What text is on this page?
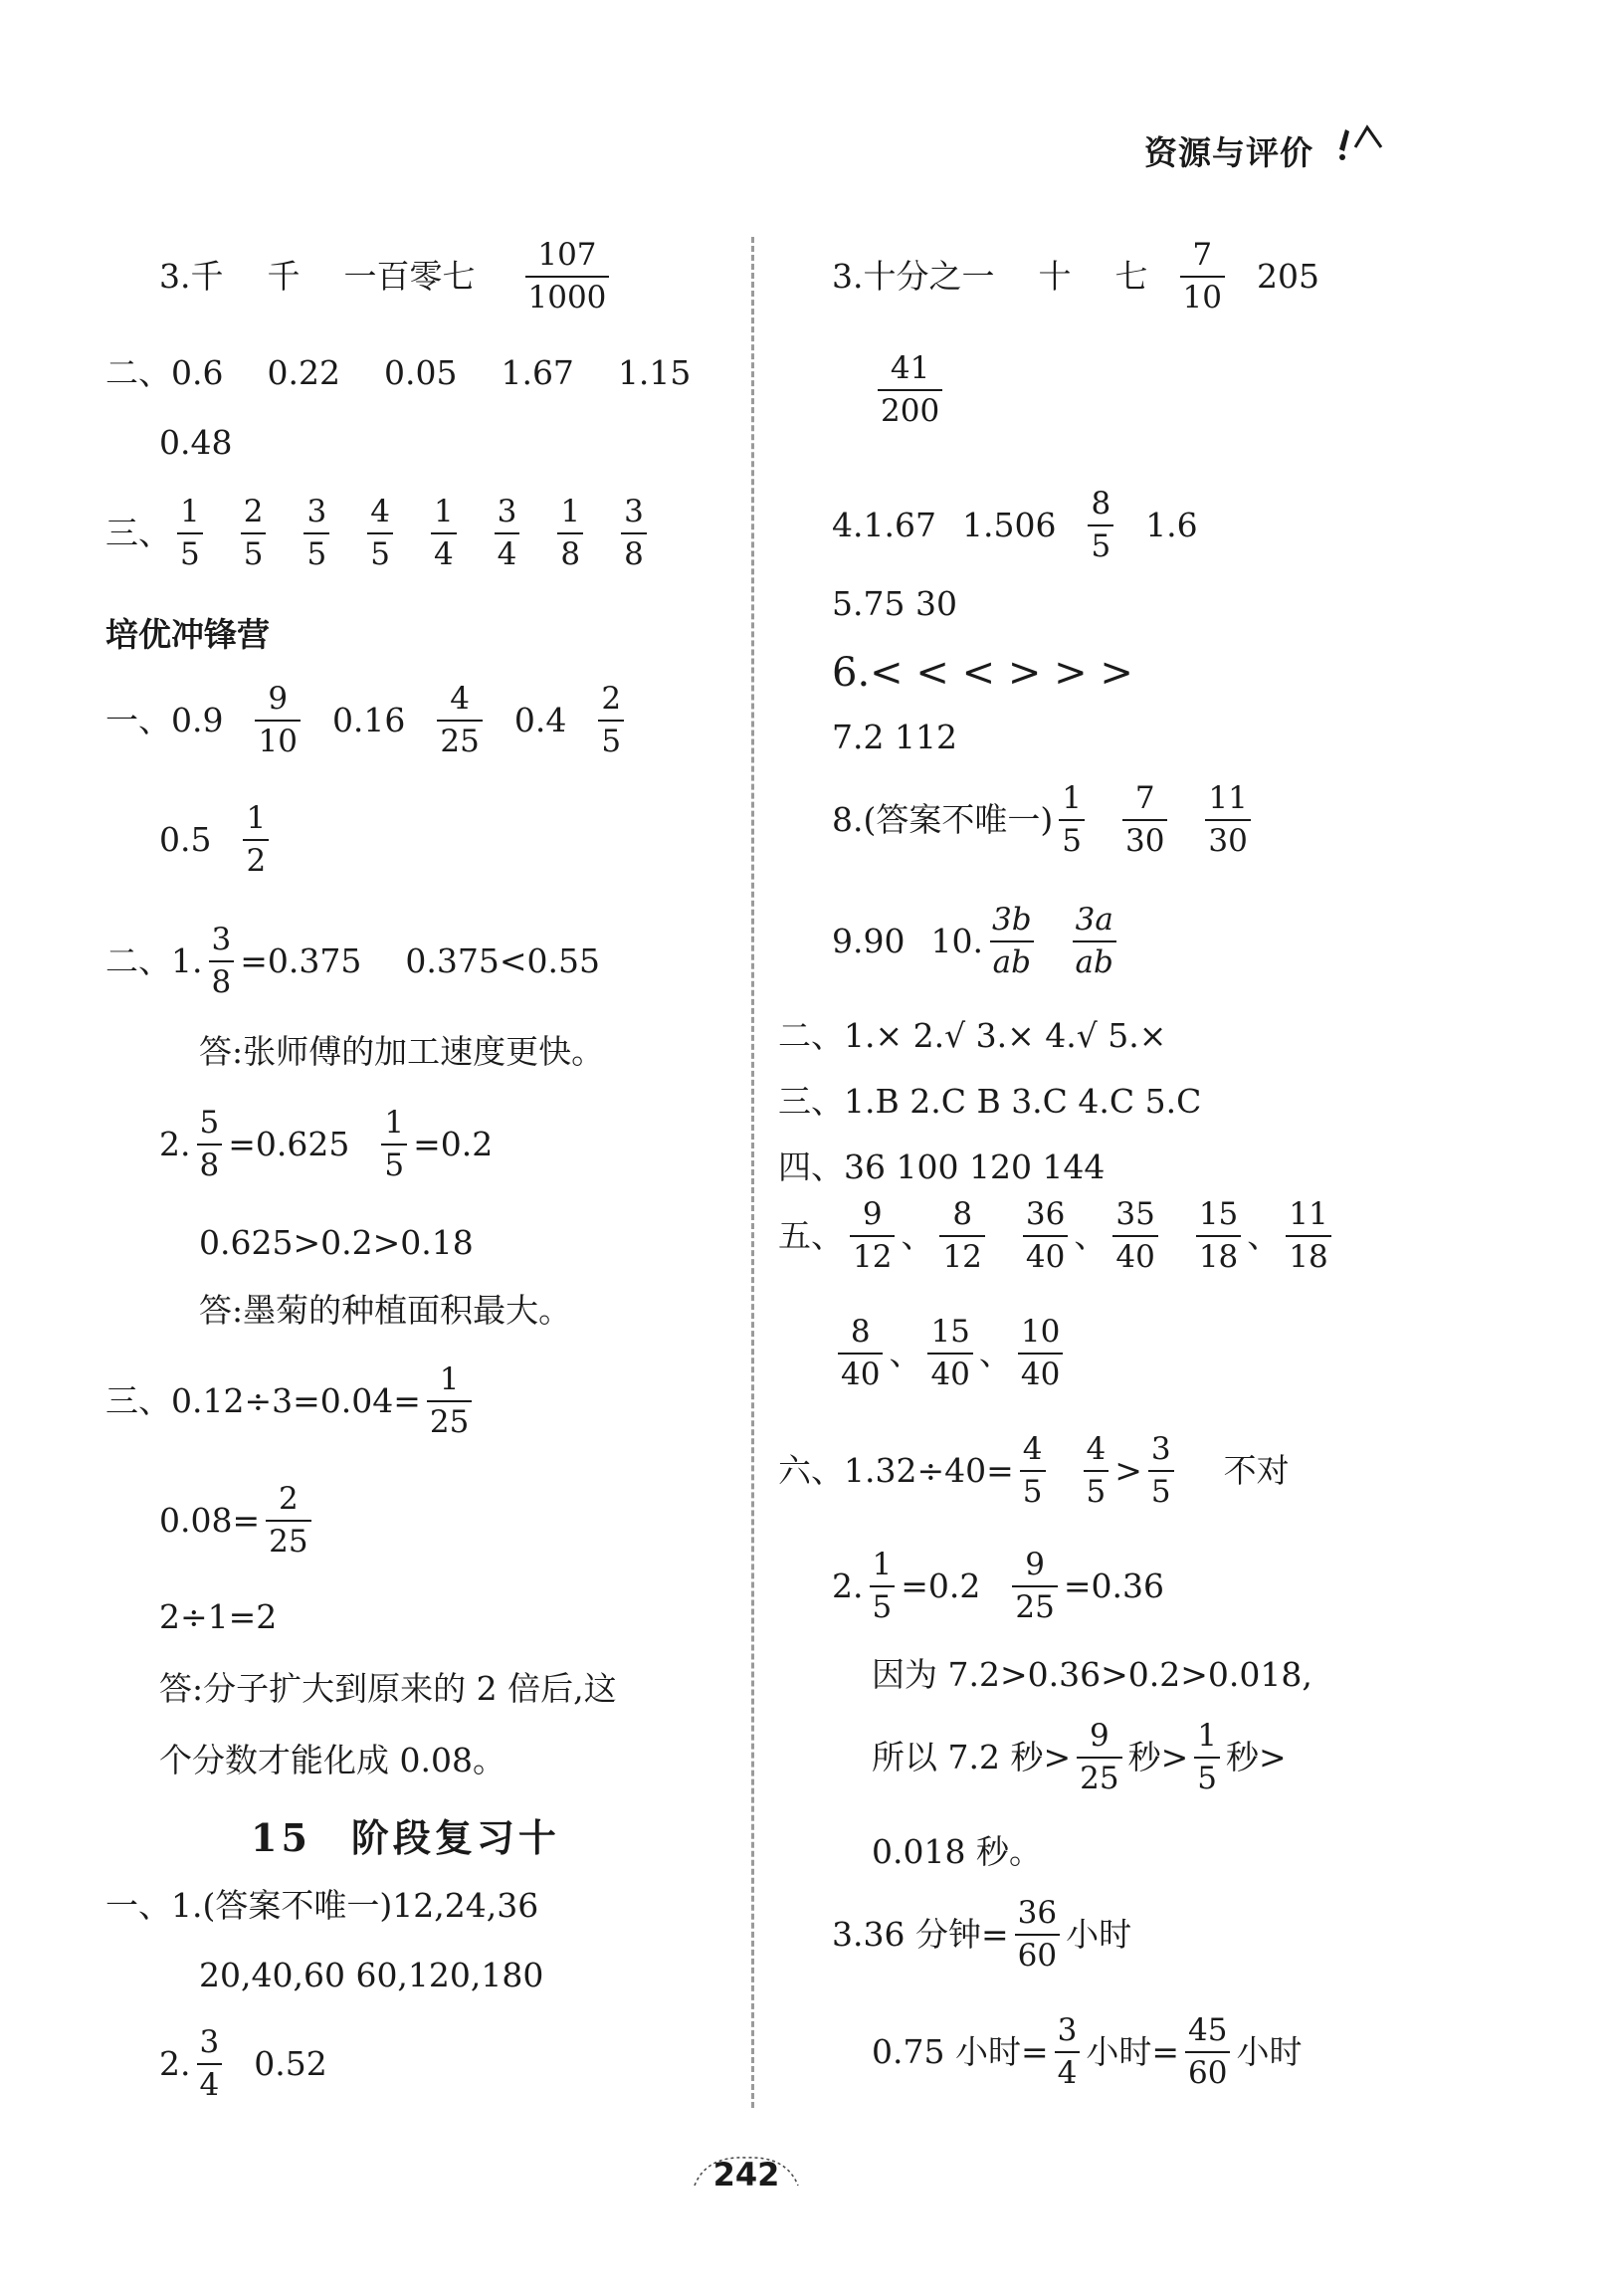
资源与评价
3.千 千 一百零七 $\frac{107}{1000}$
二、0.6 0.22 0.05 1.67 1.15
0.48
三、 $\frac{1}{5} \frac{2}{5} \frac{3}{5} \frac{4}{5} \frac{1}{4} \frac{3}{4} \frac{1}{8} \frac{3}{8}$
培优冲锋营
一、$0.9 \frac{9}{10} 0.16 \frac{4}{25} 0.4 \frac{2}{5}$
$0.5 \frac{1}{2}$
二、1. $\frac{3}{8} =0.375$ 0.375<0.55
答:张师傅的加工速度更快。
2. $\frac{5}{8} =0.625 \frac{1}{5} =0.2$
0.625>0.2>0.18
答:墨菊的种植面积最大。
三、$0.12\div 3=0.04= \frac{1}{25}$
$0.08= \frac{2}{25}$
2÷1=2
答:分子扩大到原来的 2 倍后,这
个分数才能化成 0.08。
15 阶段复习十
一、1.(答案不唯一)12,24,36
20,40,60 60,120,180
2. $\frac{3}{4} 0.52$
3.十分之一 十 七 $\frac{7}{10} 205$
$\frac{41}{200}$
4.1.67 $1.506 \frac{8}{5} 1.6$
5.75 30
6.< < < > > >
7.2 112
8.(答案不唯一) $\frac{1}{5} \frac{7}{30} \frac{11}{30}$
9.90 10. $\frac{3b}{ab} \frac{3a}{ab}$
二、1.× 2.√ 3.× 4.√ 5.×
三、1.B 2.C B 3.C 4.C 5.C
四、36 100 120 144
五、 $\frac{9}{12}$ 、 $\frac{8}{12} \frac{36}{40}$ 、 $\frac{35}{40} \frac{15}{18}$ 、 $\frac{11}{18}$
$\frac{8}{40}$ 、 $\frac{15}{40}$ 、 $\frac{10}{40}$
六、$1.32\div 40= \frac{4}{5} \frac{4}{5} > \frac{3}{5}$ 不对
2. $\frac{1}{5} =0.2 \frac{9}{25} =0.36$
因为 7.2>0.36>0.2>0.018,
所以 7.2 秒> $\frac{9}{25}$ 秒> $\frac{1}{5}$ 秒>
0.018 秒。
3.36 分钟= $\frac{36}{60}$ 小时
0.75 小时= $\frac{3}{4}$ 小时= $\frac{45}{60}$ 小时
242
